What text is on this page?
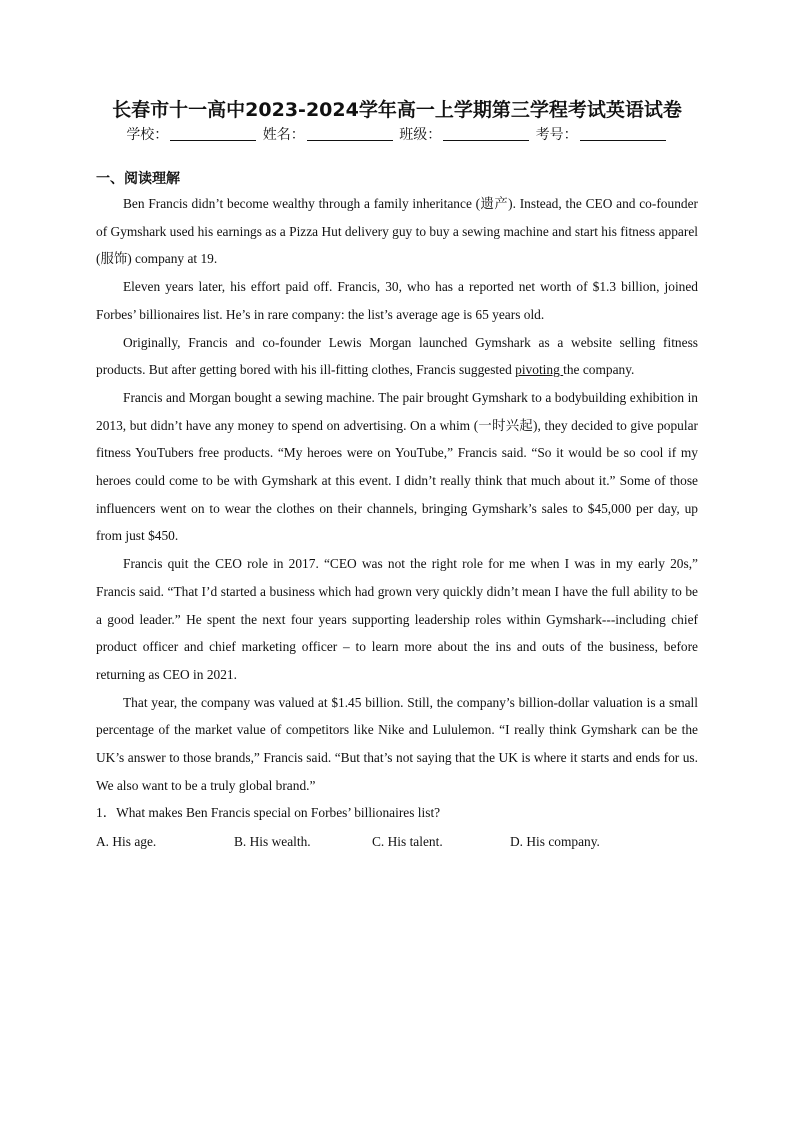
长春市十一高中2023-2024学年高一上学期第三学程考试英语试卷
学校：	姓名：	班级：	考号：
一、阅读理解

Ben Francis didn’t become wealthy through a family inheritance (遗产). Instead, the CEO and co-founder of Gymshark used his earnings as a Pizza Hut delivery guy to buy a sewing machine and start his fitness apparel (服饰) company at 19.

Eleven years later, his effort paid off. Francis, 30, who has a reported net worth of $1.3 billion, joined Forbes’ billionaires list. He’s in rare company: the list’s average age is 65 years old.

Originally, Francis and co-founder Lewis Morgan launched Gymshark as a website selling fitness products. But after getting bored with his ill-fitting clothes, Francis suggested pivoting the company.

Francis and Morgan bought a sewing machine. The pair brought Gymshark to a bodybuilding exhibition in 2013, but didn’t have any money to spend on advertising. On a whim (一时兴起), they decided to give popular fitness YouTubers free products. “My heroes were on YouTube,” Francis said. “So it would be so cool if my heroes could come to be with Gymshark at this event. I didn’t really think that much about it.” Some of those influencers went on to wear the clothes on their channels, bringing Gymshark’s sales to $45,000 per day, up from just $450.

Francis quit the CEO role in 2017. “CEO was not the right role for me when I was in my early 20s,” Francis said. “That I’d started a business which had grown very quickly didn’t mean I have the full ability to be a good leader.” He spent the next four years supporting leadership roles within Gymshark---including chief product officer and chief marketing officer – to learn more about the ins and outs of the business, before returning as CEO in 2021.

That year, the company was valued at $1.45 billion. Still, the company’s billion-dollar valuation is a small percentage of the market value of competitors like Nike and Lululemon. “I really think Gymshark can be the UK’s answer to those brands,” Francis said. “But that’s not saying that the UK is where it starts and ends for us. We also want to be a truly global brand.”

1．What makes Ben Francis special on Forbes’ billionaires list?
A. His age.	B. His wealth.	C. His talent.	D. His company.
